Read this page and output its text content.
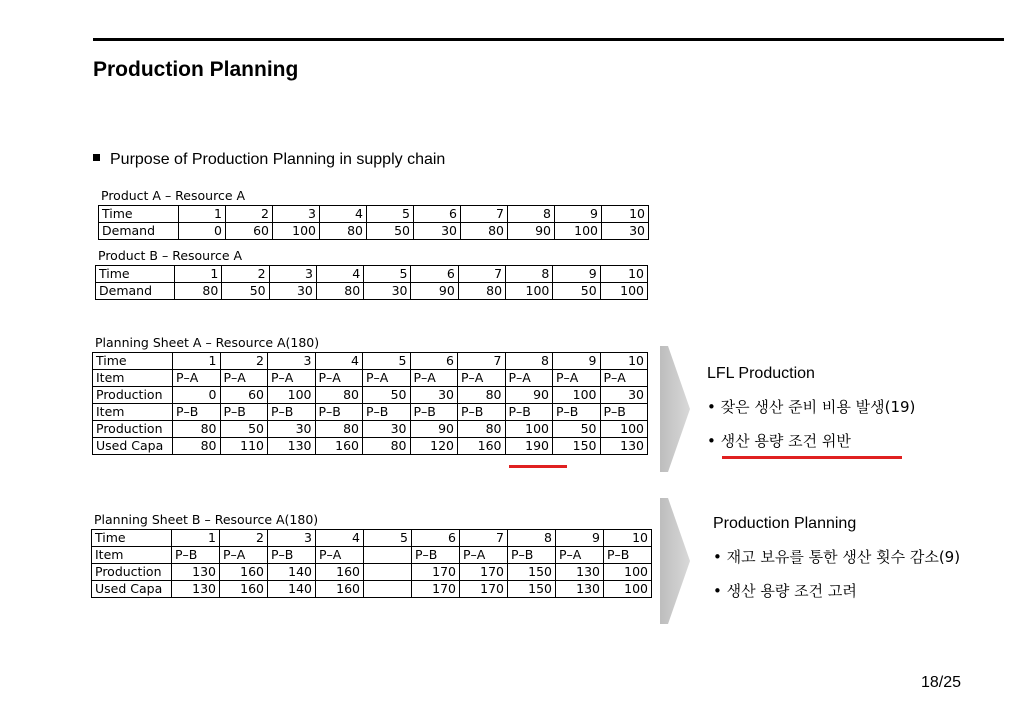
Production Planning
Purpose of Production Planning in supply chain
Product A – Resource A
Time	1	2	3	4	5	6	7	8	9	10
Demand	0	60	100	80	50	30	80	90	100	30
Product B – Resource A
Time	1	2	3	4	5	6	7	8	9	10
Demand	80	50	30	80	30	90	80	100	50	100
Planning Sheet A – Resource A(180)
Time	1	2	3	4	5	6	7	8	9	10
Item	P–A	P–A	P–A	P–A	P–A	P–A	P–A	P–A	P–A	P–A
Production	0	60	100	80	50	30	80	90	100	30
Item	P–B	P–B	P–B	P–B	P–B	P–B	P–B	P–B	P–B	P–B
Production	80	50	30	80	30	90	80	100	50	100
Used Capa	80	110	130	160	80	120	160	190	150	130
Planning Sheet B – Resource A(180)
Time	1	2	3	4	5	6	7	8	9	10
Item	P–B	P–A	P–B	P–A		P–B	P–A	P–B	P–A	P–B
Production	130	160	140	160		170	170	150	130	100
Used Capa	130	160	140	160		170	170	150	130	100
LFL Production
• 잦은 생산 준비 비용 발생(19)
• 생산 용량 조건 위반
Production Planning
• 재고 보유를 통한 생산 횟수 감소(9)
• 생산 용량 조건 고려
18/25
